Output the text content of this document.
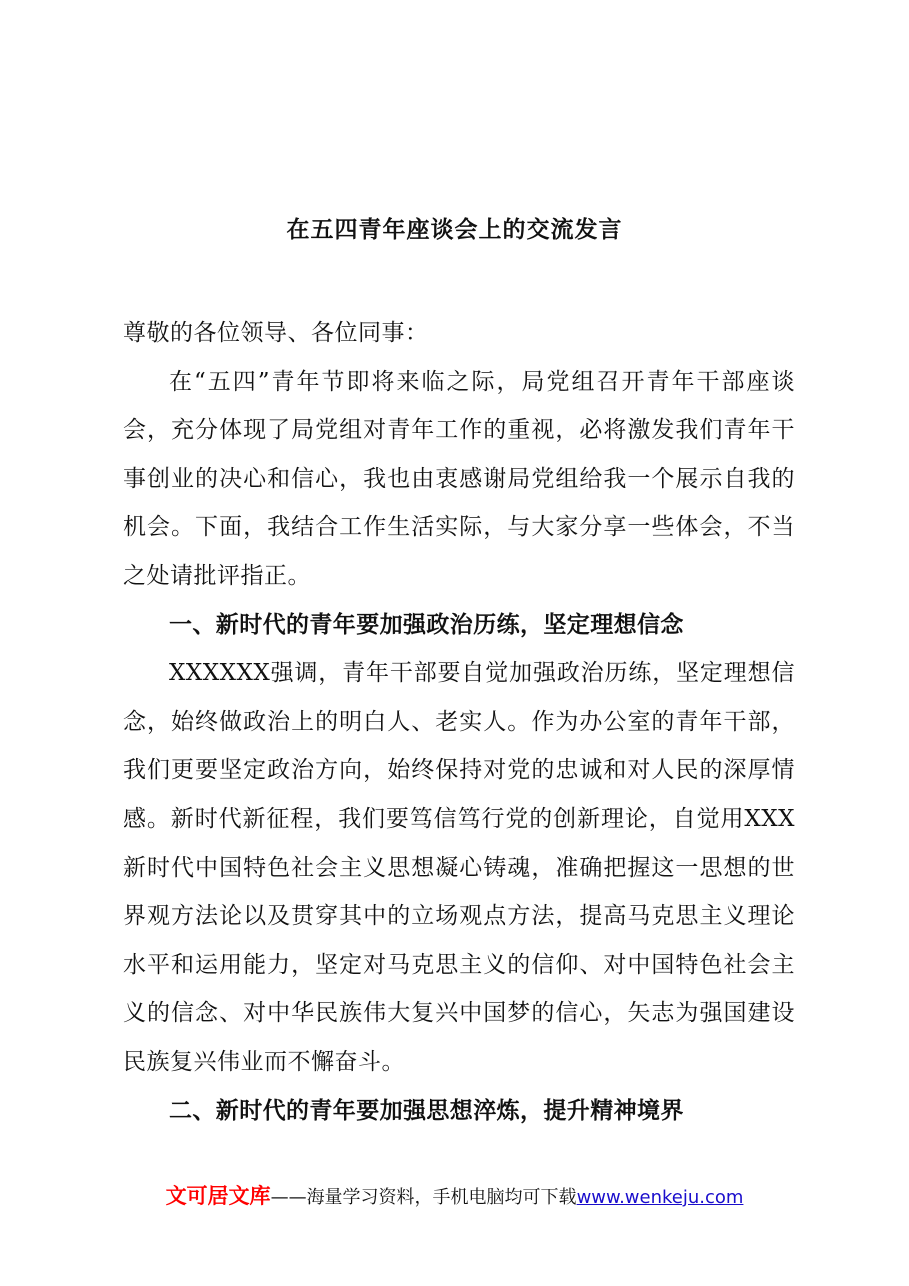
在五四青年座谈会上的交流发言

尊敬的各位领导、各位同事：

在“五四”青年节即将来临之际，局党组召开青年干部座谈会，充分体现了局党组对青年工作的重视，必将激发我们青年干事创业的决心和信心，我也由衷感谢局党组给我一个展示自我的机会。下面，我结合工作生活实际，与大家分享一些体会，不当之处请批评指正。

一、新时代的青年要加强政治历练，坚定理想信念

XXXXXX强调，青年干部要自觉加强政治历练，坚定理想信念，始终做政治上的明白人、老实人。作为办公室的青年干部，我们更要坚定政治方向，始终保持对党的忠诚和对人民的深厚情感。新时代新征程，我们要笃信笃行党的创新理论，自觉用XXX新时代中国特色社会主义思想凝心铸魂，准确把握这一思想的世界观方法论以及贯穿其中的立场观点方法，提高马克思主义理论水平和运用能力，坚定对马克思主义的信仰、对中国特色社会主义的信念、对中华民族伟大复兴中国梦的信心，矢志为强国建设民族复兴伟业而不懈奋斗。

二、新时代的青年要加强思想淬炼，提升精神境界

文可居文库——海量学习资料，手机电脑均可下载www.wenkeju.com
